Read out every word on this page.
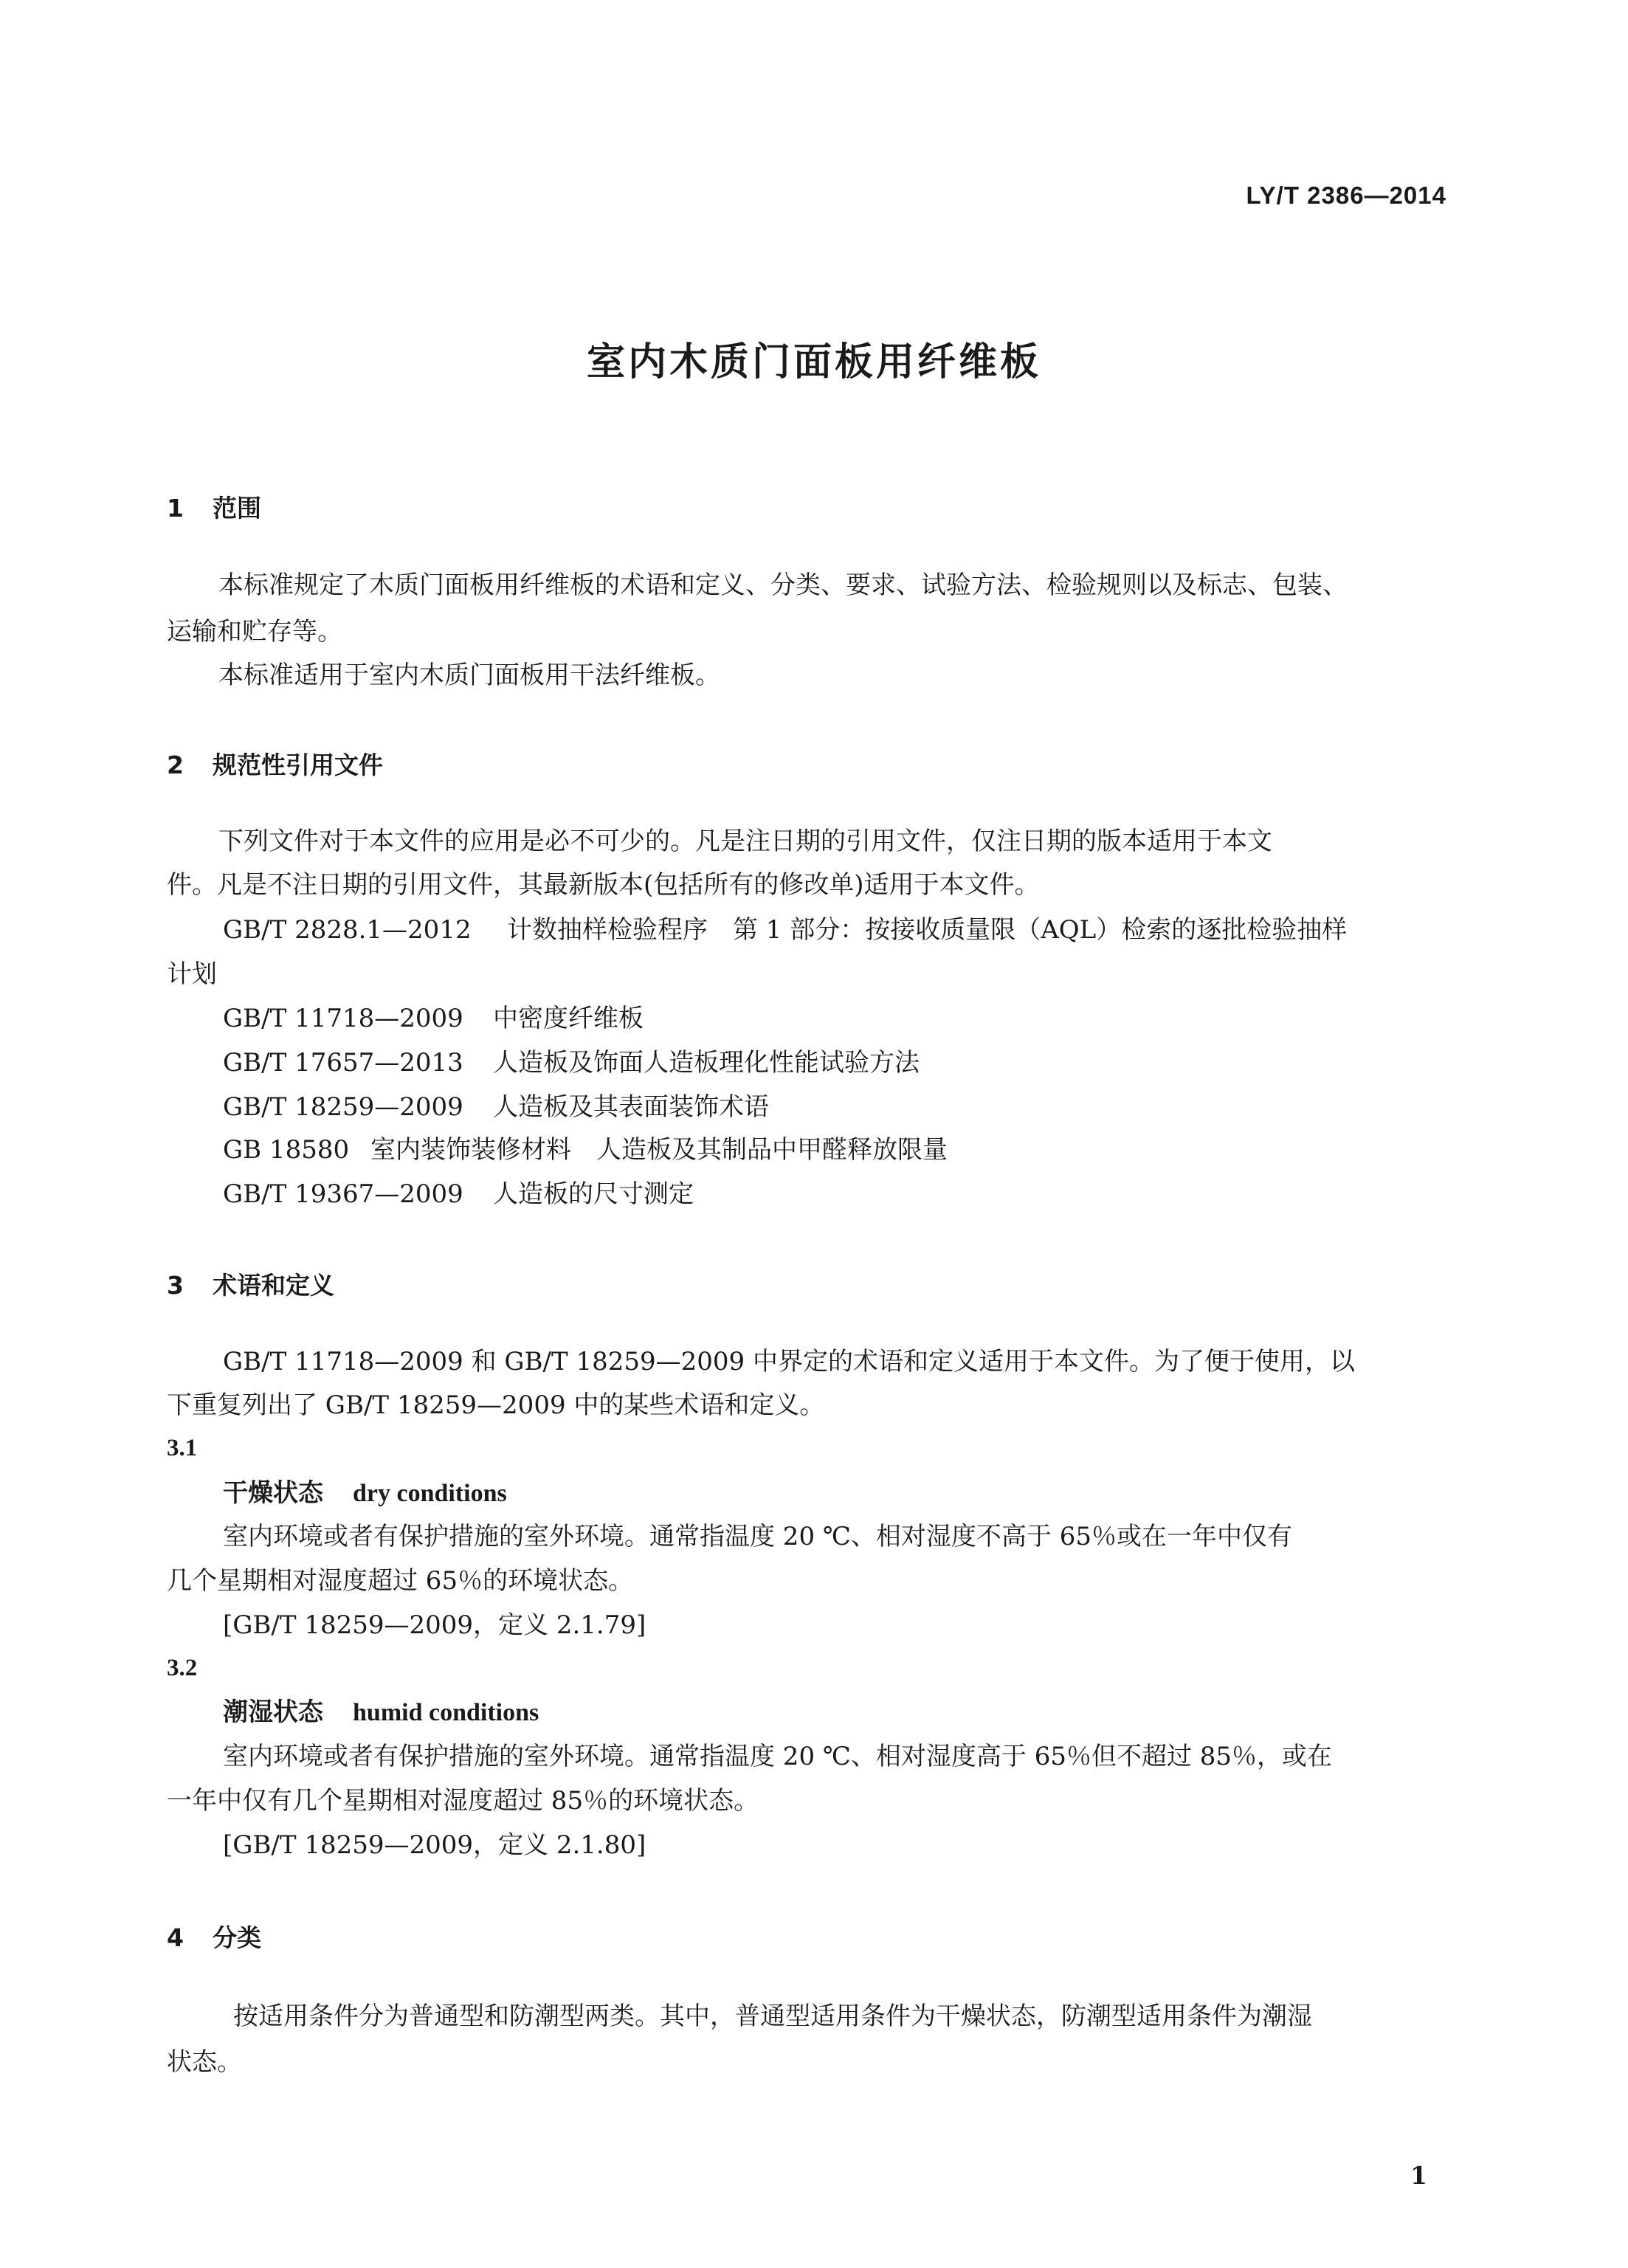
LY/T 2386—2014
室内木质门面板用纤维板
1 范围
本标准规定了木质门面板用纤维板的术语和定义、分类、要求、试验方法、检验规则以及标志、包装、
运输和贮存等。
本标准适用于室内木质门面板用干法纤维板。
2 规范性引用文件
下列文件对于本文件的应用是必不可少的。凡是注日期的引用文件，仅注日期的版本适用于本文
件。凡是不注日期的引用文件，其最新版本(包括所有的修改单)适用于本文件。
GB/T 2828.1—2012 计数抽样检验程序　第 1 部分：按接收质量限（AQL）检索的逐批检验抽样
计划
GB/T 11718—2009 中密度纤维板
GB/T 17657—2013 人造板及饰面人造板理化性能试验方法
GB/T 18259—2009 人造板及其表面装饰术语
GB 18580 室内装饰装修材料　人造板及其制品中甲醛释放限量
GB/T 19367—2009 人造板的尺寸测定
3 术语和定义
GB/T 11718—2009 和 GB/T 18259—2009 中界定的术语和定义适用于本文件。为了便于使用，以
下重复列出了 GB/T 18259—2009 中的某些术语和定义。
3.1
干燥状态 dry conditions
室内环境或者有保护措施的室外环境。通常指温度 20 ℃、相对湿度不高于 65％或在一年中仅有
几个星期相对湿度超过 65％的环境状态。
[GB/T 18259—2009，定义 2.1.79]
3.2
潮湿状态 humid conditions
室内环境或者有保护措施的室外环境。通常指温度 20 ℃、相对湿度高于 65％但不超过 85％，或在
一年中仅有几个星期相对湿度超过 85％的环境状态。
[GB/T 18259—2009，定义 2.1.80]
4 分类
按适用条件分为普通型和防潮型两类。其中，普通型适用条件为干燥状态，防潮型适用条件为潮湿
状态。
1
